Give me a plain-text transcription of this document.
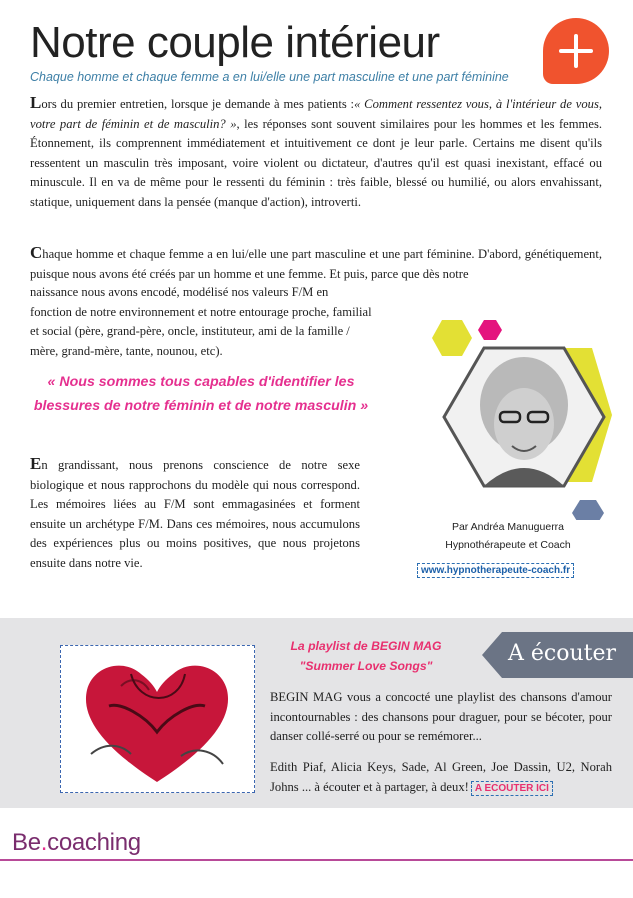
Notre couple intérieur
Chaque homme et chaque femme a en lui/elle une part masculine et une part féminine
Lors du premier entretien, lorsque je demande à mes patients :« Comment ressentez vous, à l'intérieur de vous, votre part de féminin et de masculin? », les réponses sont souvent similaires pour les hommes et les femmes. Étonnement, ils comprennent immédiatement et intuitivement ce dont je leur parle. Certains me disent qu'ils ressentent un masculin très imposant, voire violent ou dictateur, d'autres qu'il est quasi inexistant, effacé ou minuscule. Il en va de même pour le ressenti du féminin : très faible, blessé ou humilié, ou alors envahissant, statique, uniquement dans la pensée (manque d'action), introverti.
Chaque homme et chaque femme a en lui/elle une part masculine et une part féminine. D'abord, génétiquement, puisque nous avons été créés par un homme et une femme. Et puis, parce que dès notre
naissance nous avons encodé, modélisé nos valeurs F/M en fonction de notre environnement et notre entourage proche, familial et social (père, grand-père, oncle, instituteur, ami de la famille / mère, grand-mère, tante, nounou, etc).
« Nous sommes tous capables d'identifier les blessures de notre féminin et de notre masculin »
En grandissant, nous prenons conscience de notre sexe biologique et nous rapprochons du modèle qui nous correspond. Les mémoires liées au F/M sont emmagasinées et forment ensuite un archétype F/M. Dans ces mémoires, nous accumulons des expériences plus ou moins positives, que nous projetons ensuite dans notre vie.
Par Andréa Manuguerra
Hypnothérapeute et Coach
www.hypnotherapeute-coach.fr
La playlist de BEGIN MAG
"Summer Love Songs"	A écouter
BEGIN MAG vous a concocté une playlist des chansons d'amour incontournables : des chansons pour draguer, pour se bécoter, pour danser collé-serré ou pour se remémorer...
Edith Piaf, Alicia Keys, Sade, Al Green, Joe Dassin, U2, Norah Johns ... à écouter et à partager, à deux! A ECOUTER ICI
Be.coaching
